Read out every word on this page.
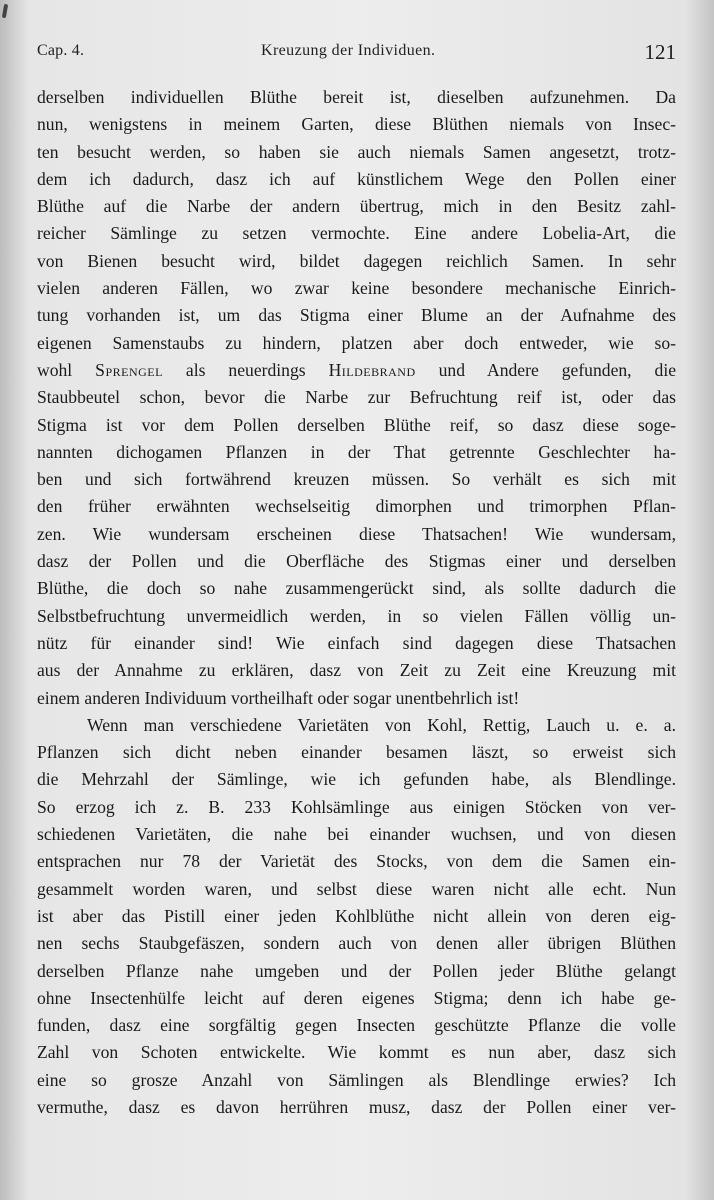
Cap. 4.	Kreuzung der Individuen.	121
derselben individuellen Blüthe bereit ist, dieselben aufzunehmen. Da
nun, wenigstens in meinem Garten, diese Blüthen niemals von Insec-
ten besucht werden, so haben sie auch niemals Samen angesetzt, trotz-
dem ich dadurch, dasz ich auf künstlichem Wege den Pollen einer
Blüthe auf die Narbe der andern übertrug, mich in den Besitz zahl-
reicher Sämlinge zu setzen vermochte. Eine andere Lobelia-Art, die
von Bienen besucht wird, bildet dagegen reichlich Samen. In sehr
vielen anderen Fällen, wo zwar keine besondere mechanische Einrich-
tung vorhanden ist, um das Stigma einer Blume an der Aufnahme des
eigenen Samenstaubs zu hindern, platzen aber doch entweder, wie so-
wohl Sprengel als neuerdings Hildebrand und Andere gefunden, die
Staubbeutel schon, bevor die Narbe zur Befruchtung reif ist, oder das
Stigma ist vor dem Pollen derselben Blüthe reif, so dasz diese soge-
nannten dichogamen Pflanzen in der That getrennte Geschlechter ha-
ben und sich fortwährend kreuzen müssen. So verhält es sich mit
den früher erwähnten wechselseitig dimorphen und trimorphen Pflan-
zen. Wie wundersam erscheinen diese Thatsachen! Wie wundersam,
dasz der Pollen und die Oberfläche des Stigmas einer und derselben
Blüthe, die doch so nahe zusammengerückt sind, als sollte dadurch die
Selbstbefruchtung unvermeidlich werden, in so vielen Fällen völlig un-
nütz für einander sind! Wie einfach sind dagegen diese Thatsachen
aus der Annahme zu erklären, dasz von Zeit zu Zeit eine Kreuzung mit
einem anderen Individuum vortheilhaft oder sogar unentbehrlich ist!
Wenn man verschiedene Varietäten von Kohl, Rettig, Lauch u. e. a.
Pflanzen sich dicht neben einander besamen läszt, so erweist sich
die Mehrzahl der Sämlinge, wie ich gefunden habe, als Blendlinge.
So erzog ich z. B. 233 Kohlsämlinge aus einigen Stöcken von ver-
schiedenen Varietäten, die nahe bei einander wuchsen, und von diesen
entsprachen nur 78 der Varietät des Stocks, von dem die Samen ein-
gesammelt worden waren, und selbst diese waren nicht alle echt. Nun
ist aber das Pistill einer jeden Kohlblüthe nicht allein von deren eig-
nen sechs Staubgefäszen, sondern auch von denen aller übrigen Blüthen
derselben Pflanze nahe umgeben und der Pollen jeder Blüthe gelangt
ohne Insectenhülfe leicht auf deren eigenes Stigma; denn ich habe ge-
funden, dasz eine sorgfältig gegen Insecten geschützte Pflanze die volle
Zahl von Schoten entwickelte. Wie kommt es nun aber, dasz sich
eine so grosze Anzahl von Sämlingen als Blendlinge erwies? Ich
vermuthe, dasz es davon herrühren musz, dasz der Pollen einer ver-
